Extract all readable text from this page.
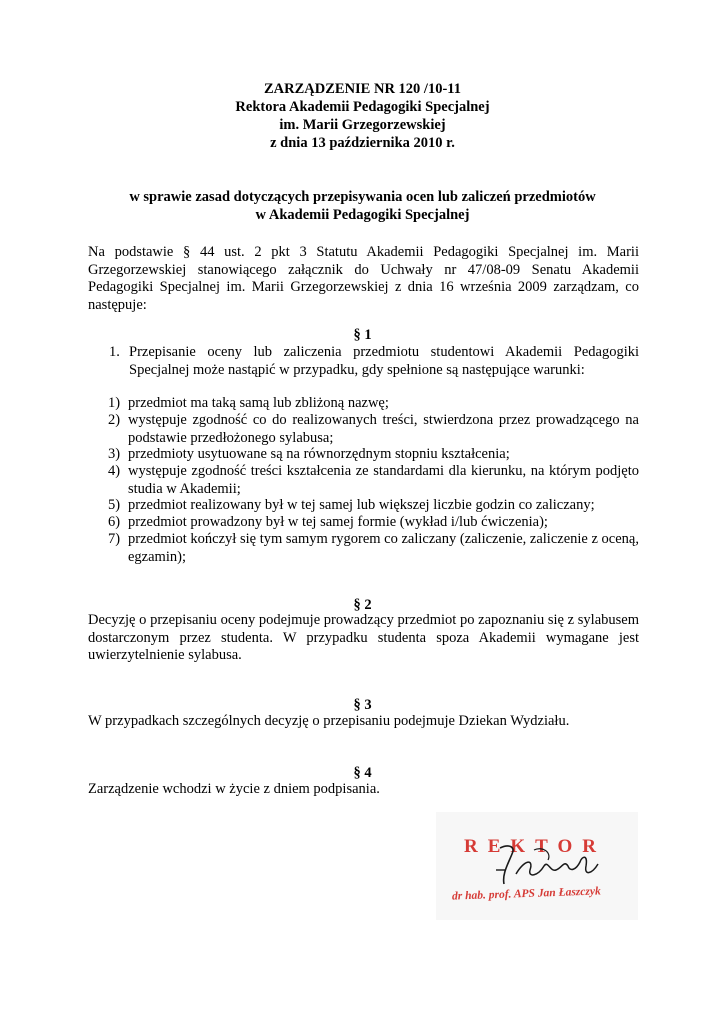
ZARZĄDZENIE NR 120 /10-11
Rektora Akademii Pedagogiki Specjalnej
im. Marii Grzegorzewskiej
z dnia 13 października 2010 r.
w sprawie zasad dotyczących przepisywania ocen lub zaliczeń przedmiotów
w Akademii Pedagogiki Specjalnej
Na podstawie § 44 ust. 2 pkt 3 Statutu Akademii Pedagogiki Specjalnej im. Marii Grzegorzewskiej stanowiącego załącznik do Uchwały nr 47/08-09 Senatu Akademii Pedagogiki Specjalnej im. Marii Grzegorzewskiej z dnia 16 września 2009 zarządzam, co następuje:
§ 1
1. Przepisanie oceny lub zaliczenia przedmiotu studentowi Akademii Pedagogiki Specjalnej może nastąpić w przypadku, gdy spełnione są następujące warunki:
1) przedmiot ma taką samą lub zbliżoną nazwę;
2) występuje zgodność co do realizowanych treści, stwierdzona przez prowadzącego na podstawie przedłożonego sylabusa;
3) przedmioty usytuowane są na równorzędnym stopniu kształcenia;
4) występuje zgodność treści kształcenia ze standardami dla kierunku, na którym podjęto studia w Akademii;
5) przedmiot realizowany był w tej samej lub większej liczbie godzin co zaliczany;
6) przedmiot prowadzony był w tej samej formie (wykład i/lub ćwiczenia);
7) przedmiot kończył się tym samym rygorem co zaliczany (zaliczenie, zaliczenie z oceną, egzamin);
§ 2
Decyzję o przepisaniu oceny podejmuje prowadzący przedmiot po zapoznaniu się z sylabusem dostarczonym przez studenta. W przypadku studenta spoza Akademii wymagane jest uwierzytelnienie sylabusa.
§ 3
W przypadkach szczególnych decyzję o przepisaniu podejmuje Dziekan Wydziału.
§ 4
Zarządzenie wchodzi w życie z dniem podpisania.
REKTOR
dr hab. prof. APS Jan Łaszczyk
